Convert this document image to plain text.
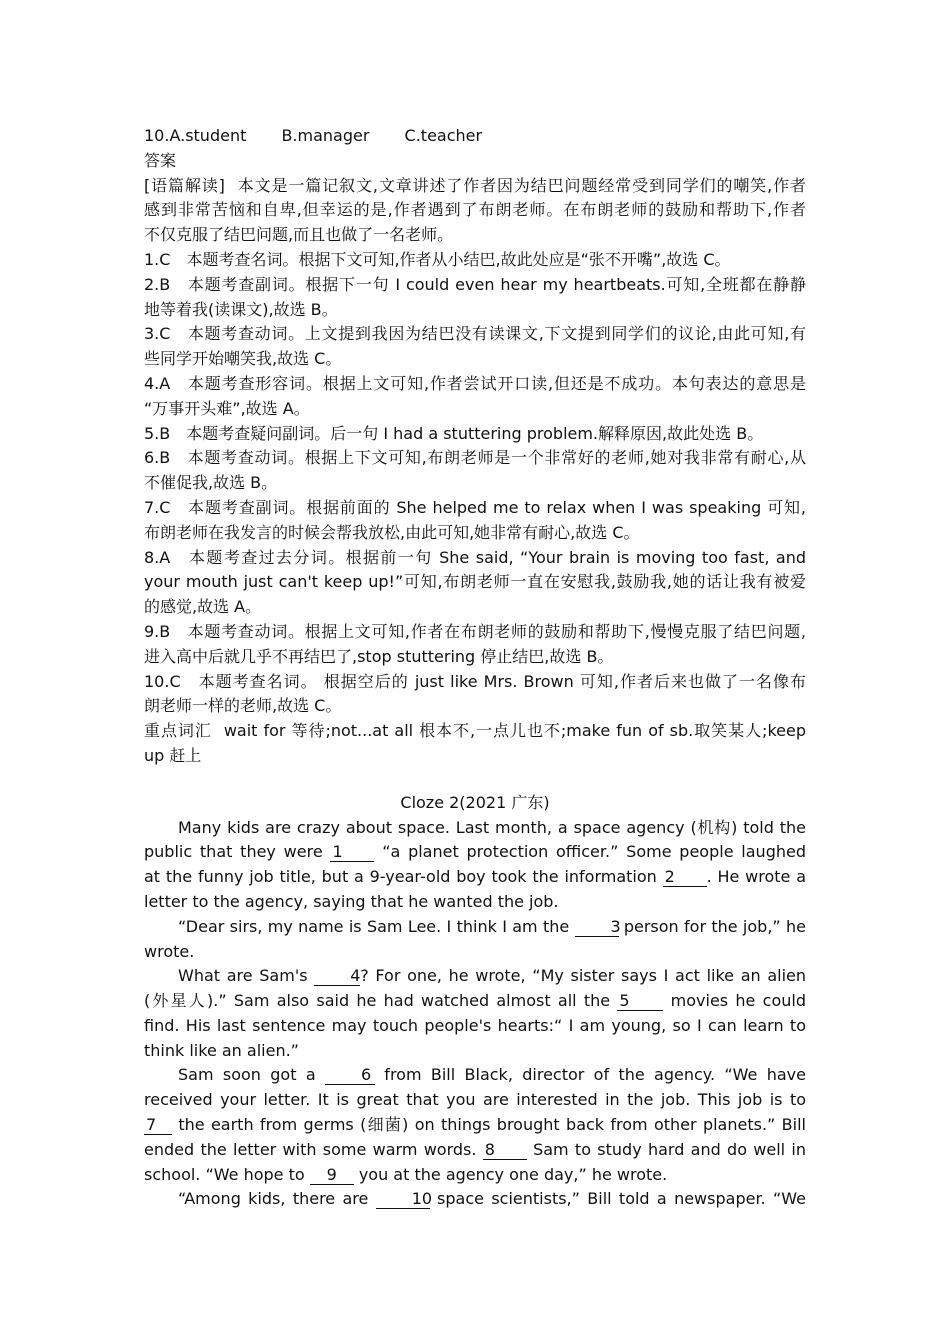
10.A.student B.manager C.teacher
答案
[语篇解读] 本文是一篇记叙文,文章讲述了作者因为结巴问题经常受到同学们的嘲笑,作者
感到非常苦恼和自卑,但幸运的是,作者遇到了布朗老师。在布朗老师的鼓励和帮助下,作者
不仅克服了结巴问题,而且也做了一名老师。
1.C　本题考查名词。根据下文可知,作者从小结巴,故此处应是“张不开嘴”,故选 C。
2.B　本题考查副词。根据下一句 I could even hear my heartbeats.可知,全班都在静静
地等着我(读课文),故选 B。
3.C　本题考查动词。上文提到我因为结巴没有读课文,下文提到同学们的议论,由此可知,有
些同学开始嘲笑我,故选 C。
4.A　本题考查形容词。根据上文可知,作者尝试开口读,但还是不成功。本句表达的意思是
“万事开头难”,故选 A。
5.B　本题考查疑问副词。后一句 I had a stuttering problem.解释原因,故此处选 B。
6.B　本题考查动词。根据上下文可知,布朗老师是一个非常好的老师,她对我非常有耐心,从
不催促我,故选 B。
7.C　本题考查副词。根据前面的 She helped me to relax when I was speaking 可知,
布朗老师在我发言的时候会帮我放松,由此可知,她非常有耐心,故选 C。
8.A　本题考查过去分词。根据前一句 She said, “Your brain is moving too fast, and
your mouth just can't keep up!”可知,布朗老师一直在安慰我,鼓励我,她的话让我有被爱
的感觉,故选 A。
9.B　本题考查动词。根据上文可知,作者在布朗老师的鼓励和帮助下,慢慢克服了结巴问题,
进入高中后就几乎不再结巴了,stop stuttering 停止结巴,故选 B。
10.C　本题考查名词。 根据空后的 just like Mrs. Brown 可知,作者后来也做了一名像布
朗老师一样的老师,故选 C。
重点词汇 wait for 等待;not...at all 根本不,一点儿也不;make fun of sb.取笑某人;keep
up 赶上
Cloze 2(2021 广东)
Many kids are crazy about space. Last month, a space agency (机构) told the
public that they were 1 “a planet protection officer.” Some people laughed
at the funny job title, but a 9-year-old boy took the information 2 . He wrote a
letter to the agency, saying that he wanted the job.
“Dear sirs, my name is Sam Lee. I think I am the 3 person for the job,” he
wrote.
What are Sam's 4? For one, he wrote, “My sister says I act like an alien
(外星人).” Sam also said he had watched almost all the 5 movies he could
find. His last sentence may touch people's hearts:“ I am young, so I can learn to
think like an alien.”
Sam soon got a 6 from Bill Black, director of the agency. “We have
received your letter. It is great that you are interested in the job. This job is to
7 the earth from germs (细菌) on things brought back from other planets.” Bill
ended the letter with some warm words. 8 Sam to study hard and do well in
school. “We hope to 9 you at the agency one day,” he wrote.
“Among kids, there are 10 space scientists,” Bill told a newspaper. “We
